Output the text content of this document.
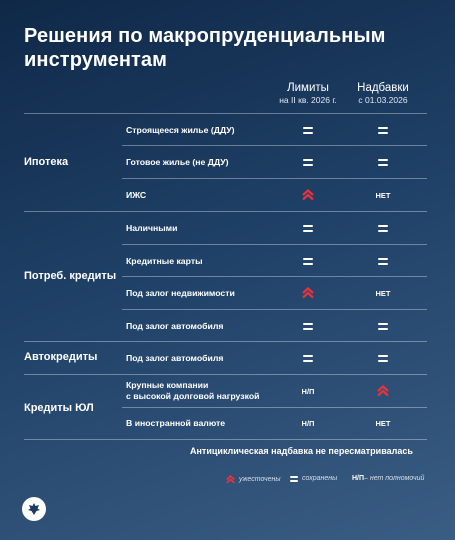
Решения по макропруденциальным инструментам
Лимиты
на II кв. 2026 г.
Надбавки
с 01.03.2026
Ипотека
Потреб. кредиты
Автокредиты
Кредиты ЮЛ
Строящееся жилье (ДДУ)
Готовое жилье (не ДДУ)
ИЖС
Наличными
Кредитные карты
Под залог недвижимости
Под залог автомобиля
Под залог автомобиля
Крупные компании
с высокой долговой нагрузкой
В иностранной валюте
Н/П
Н/П
НЕТ
НЕТ
НЕТ
Антициклическая надбавка не пересматривалась
ужесточены	сохранены Н/П – нет полномочий
